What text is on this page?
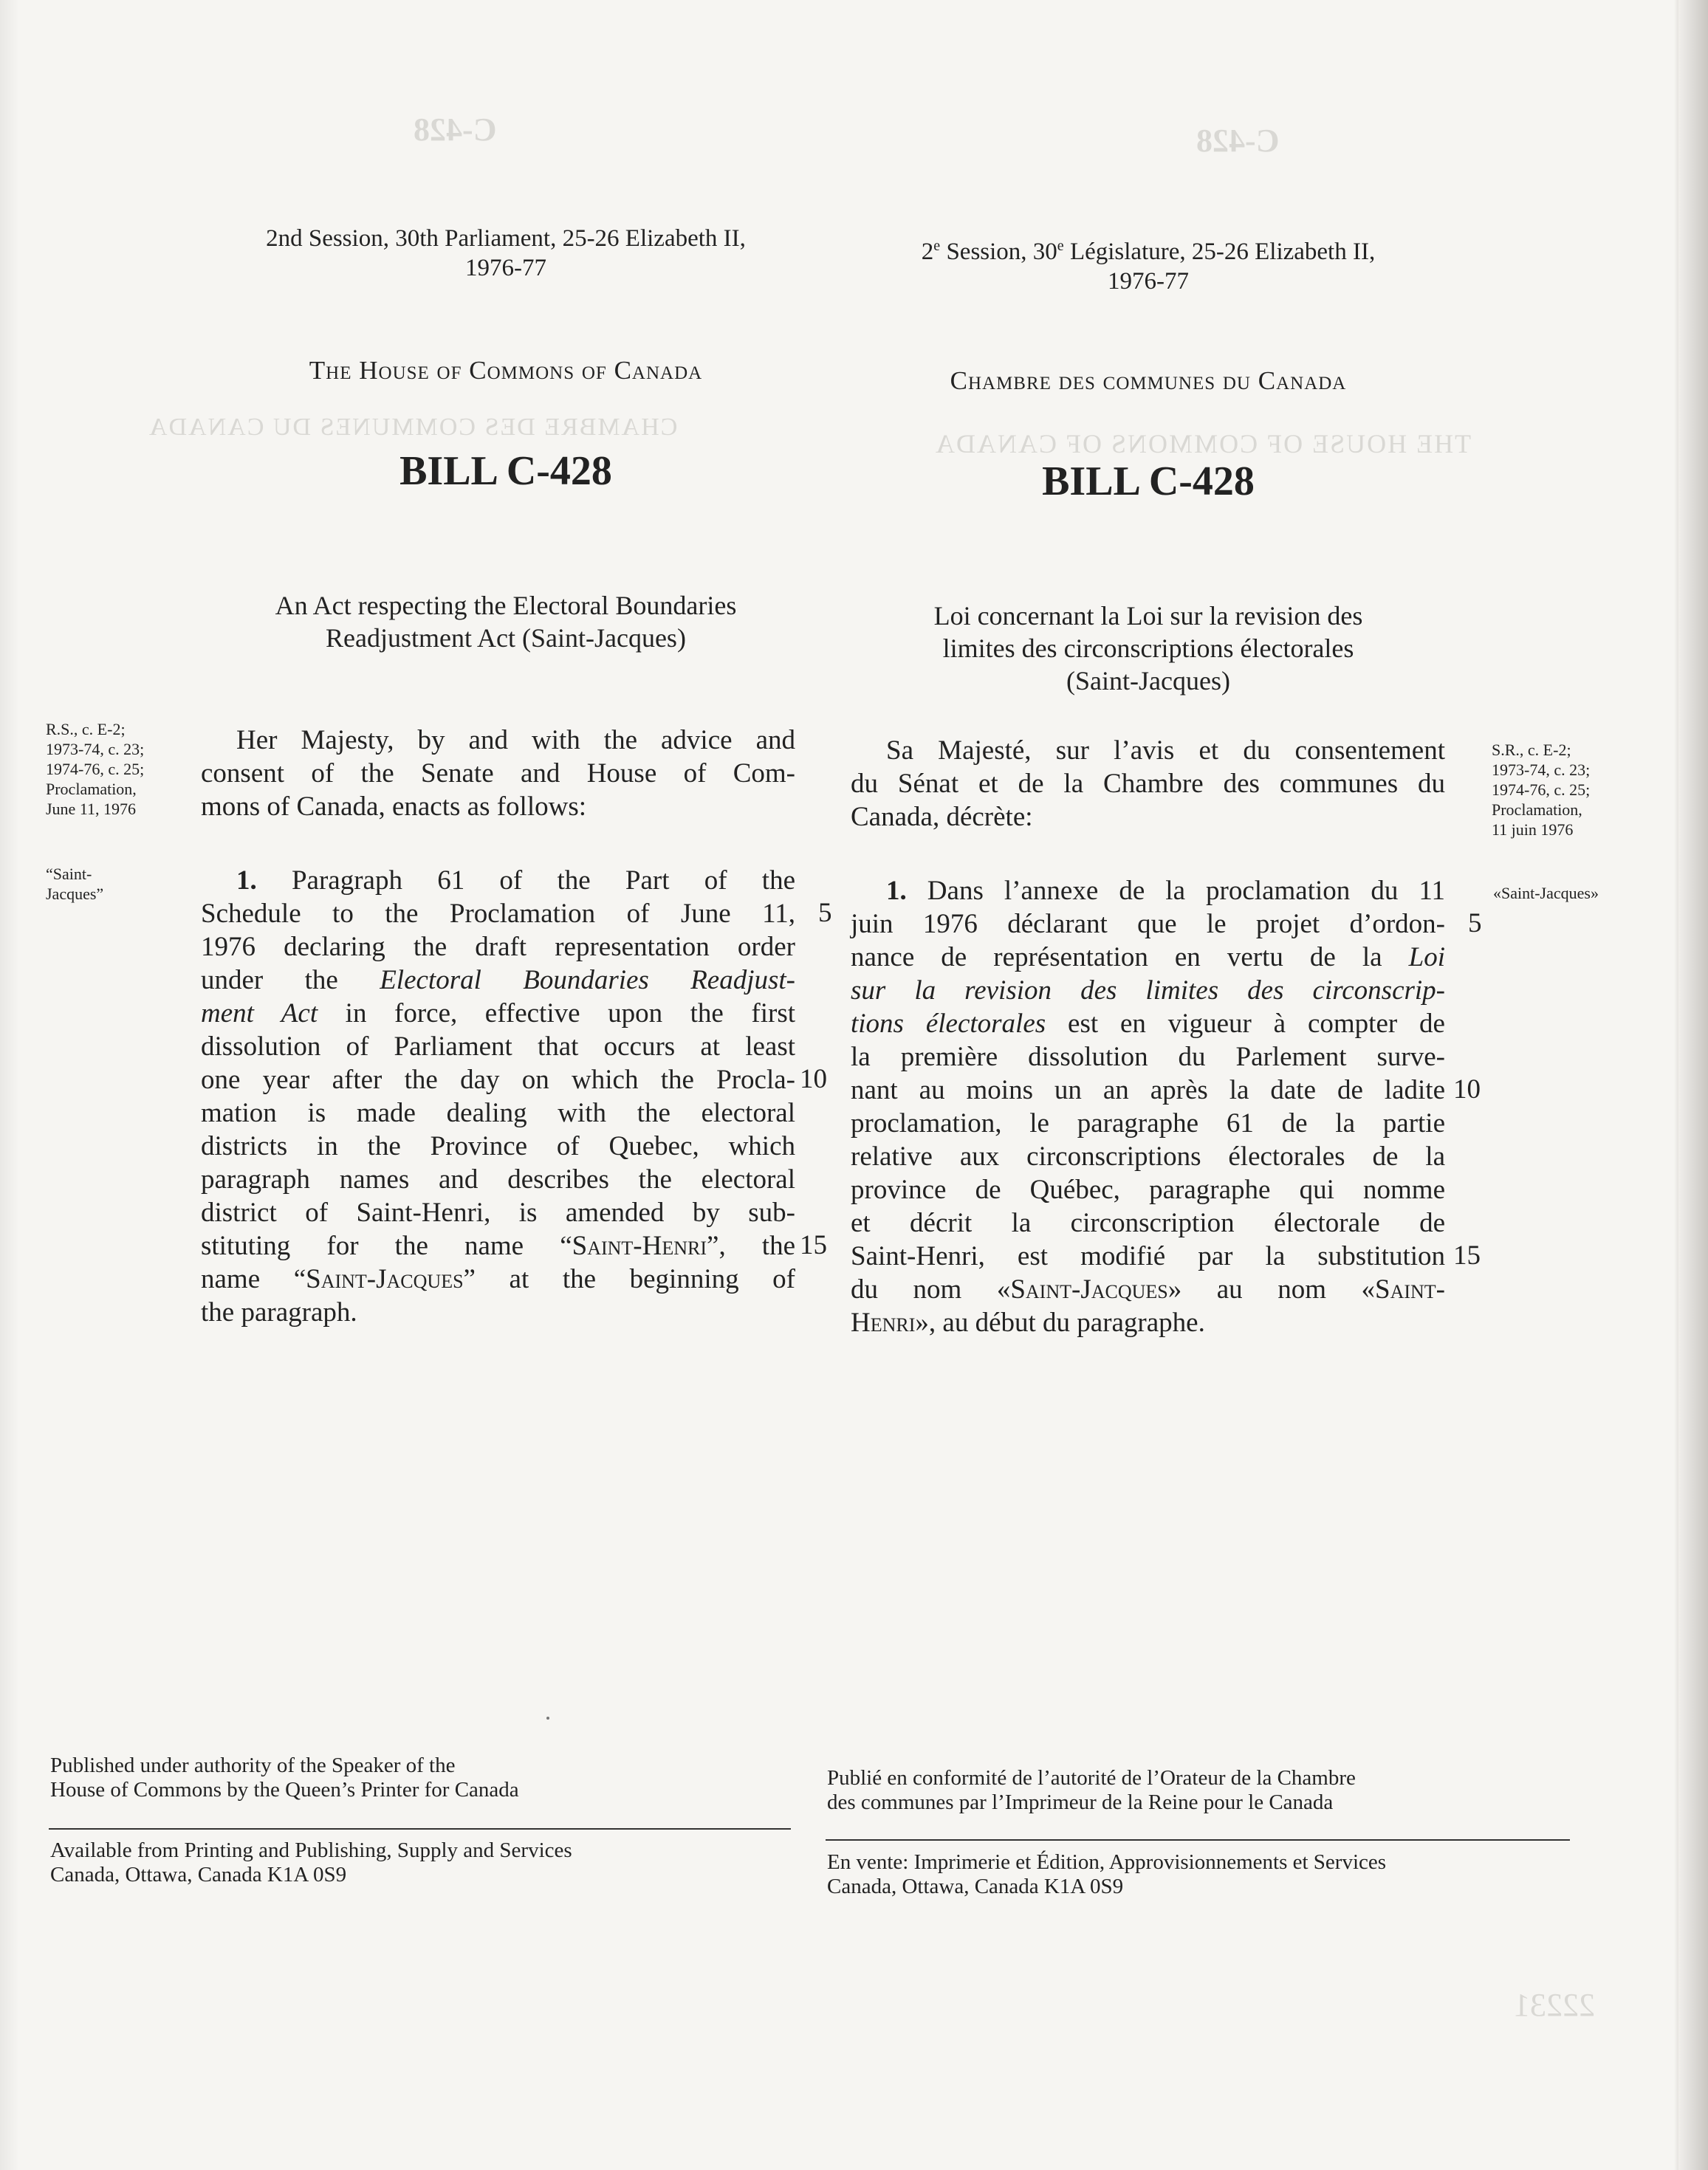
C-428	C-428
CHAMBRE DES COMMUNES DU CANADA
THE HOUSE OF COMMONS OF CANADA
22231
2nd Session, 30th Parliament, 25-26 Elizabeth II,
1976-77
The House of Commons of Canada
BILL C-428
An Act respecting the Electoral Boundaries
Readjustment Act (Saint-Jacques)
R.S., c. E-2;
1973-74, c. 23;
1974-76, c. 25;
Proclamation,
June 11, 1976
“Saint-
Jacques”
Her Majesty, by and with the advice and
consent of the Senate and House of Com-
mons of Canada, enacts as follows:
1. Paragraph 61 of the Part of the
Schedule to the Proclamation of June 11,
1976 declaring the draft representation order
under the Electoral Boundaries Readjust-
ment Act in force, effective upon the first
dissolution of Parliament that occurs at least
one year after the day on which the Procla-
mation is made dealing with the electoral
districts in the Province of Quebec, which
paragraph names and describes the electoral
district of Saint-Henri, is amended by sub-
stituting for the name “Saint-Henri”, the
name “Saint-Jacques” at the beginning of
the paragraph.
5
10
15
2e Session, 30e Législature, 25-26 Elizabeth II,
1976-77
Chambre des communes du Canada
BILL C-428
Loi concernant la Loi sur la revision des
limites des circonscriptions électorales
(Saint-Jacques)
Sa Majesté, sur l’avis et du consentement
du Sénat et de la Chambre des communes du
Canada, décrète:
S.R., c. E-2;
1973-74, c. 23;
1974-76, c. 25;
Proclamation,
11 juin 1976
«Saint-Jacques»
1. Dans l’annexe de la proclamation du 11
juin 1976 déclarant que le projet d’ordon-
nance de représentation en vertu de la Loi
sur la revision des limites des circonscrip-
tions électorales est en vigueur à compter de
la première dissolution du Parlement surve-
nant au moins un an après la date de ladite
proclamation, le paragraphe 61 de la partie
relative aux circonscriptions électorales de la
province de Québec, paragraphe qui nomme
et décrit la circonscription électorale de
Saint-Henri, est modifié par la substitution
du nom «Saint-Jacques» au nom «Saint-
Henri», au début du paragraphe.
5
10
15
Published under authority of the Speaker of the
House of Commons by the Queen’s Printer for Canada
Available from Printing and Publishing, Supply and Services
Canada, Ottawa, Canada K1A 0S9
Publié en conformité de l’autorité de l’Orateur de la Chambre
des communes par l’Imprimeur de la Reine pour le Canada
En vente: Imprimerie et Édition, Approvisionnements et Services
Canada, Ottawa, Canada K1A 0S9
